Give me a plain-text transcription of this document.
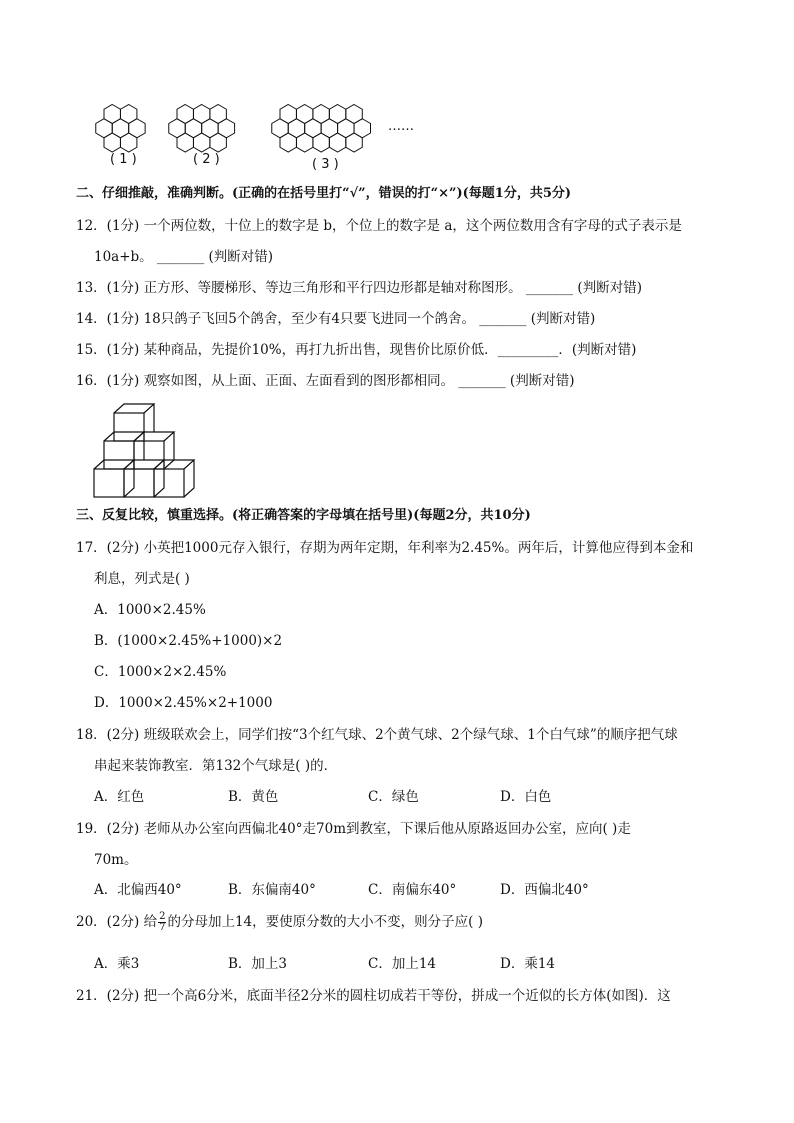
( 1 )	( 2 )	( 3 )
……
二、仔细推敲，准确判断。(正确的在括号里打“√”，错误的打“×”)(每题1分，共5分)
12．(1分) 一个两位数，十位上的数字是 b，个位上的数字是 a，这个两位数用含有字母的式子表示是
10a+b。 _______ (判断对错)
13．(1分) 正方形、等腰梯形、等边三角形和平行四边形都是轴对称图形。 _______ (判断对错)
14．(1分) 18只鸽子飞回5个鸽舍，至少有4只要飞进同一个鸽舍。 _______ (判断对错)
15．(1分) 某种商品，先提价10%，再打九折出售，现售价比原价低．_________．(判断对错)
16．(1分) 观察如图，从上面、正面、左面看到的图形都相同。 _______ (判断对错)
三、反复比较，慎重选择。(将正确答案的字母填在括号里)(每题2分，共10分)
17．(2分) 小英把1000元存入银行，存期为两年定期，年利率为2.45%。两年后，计算他应得到本金和
利息，列式是( )
A．1000×2.45%
B．(1000×2.45%+1000)×2
C．1000×2×2.45%
D．1000×2.45%×2+1000
18．(2分) 班级联欢会上，同学们按“3个红气球、2个黄气球、2个绿气球、1个白气球”的顺序把气球
串起来装饰教室．第132个气球是( )的．
A．红色	B．黄色	C．绿色	D．白色
19．(2分) 老师从办公室向西偏北40°走70m到教室，下课后他从原路返回办公室，应向( )走
70m。
A．北偏西40°	B．东偏南40°	C．南偏东40°	D．西偏北40°
20．(2分) 给 $\frac{2}{7}$ 的分母加上14，要使原分数的大小不变，则分子应( )
A．乘3	B．加上3	C．加上14	D．乘14
21．(2分) 把一个高6分米，底面半径2分米的圆柱切成若干等份，拼成一个近似的长方体(如图)．这
